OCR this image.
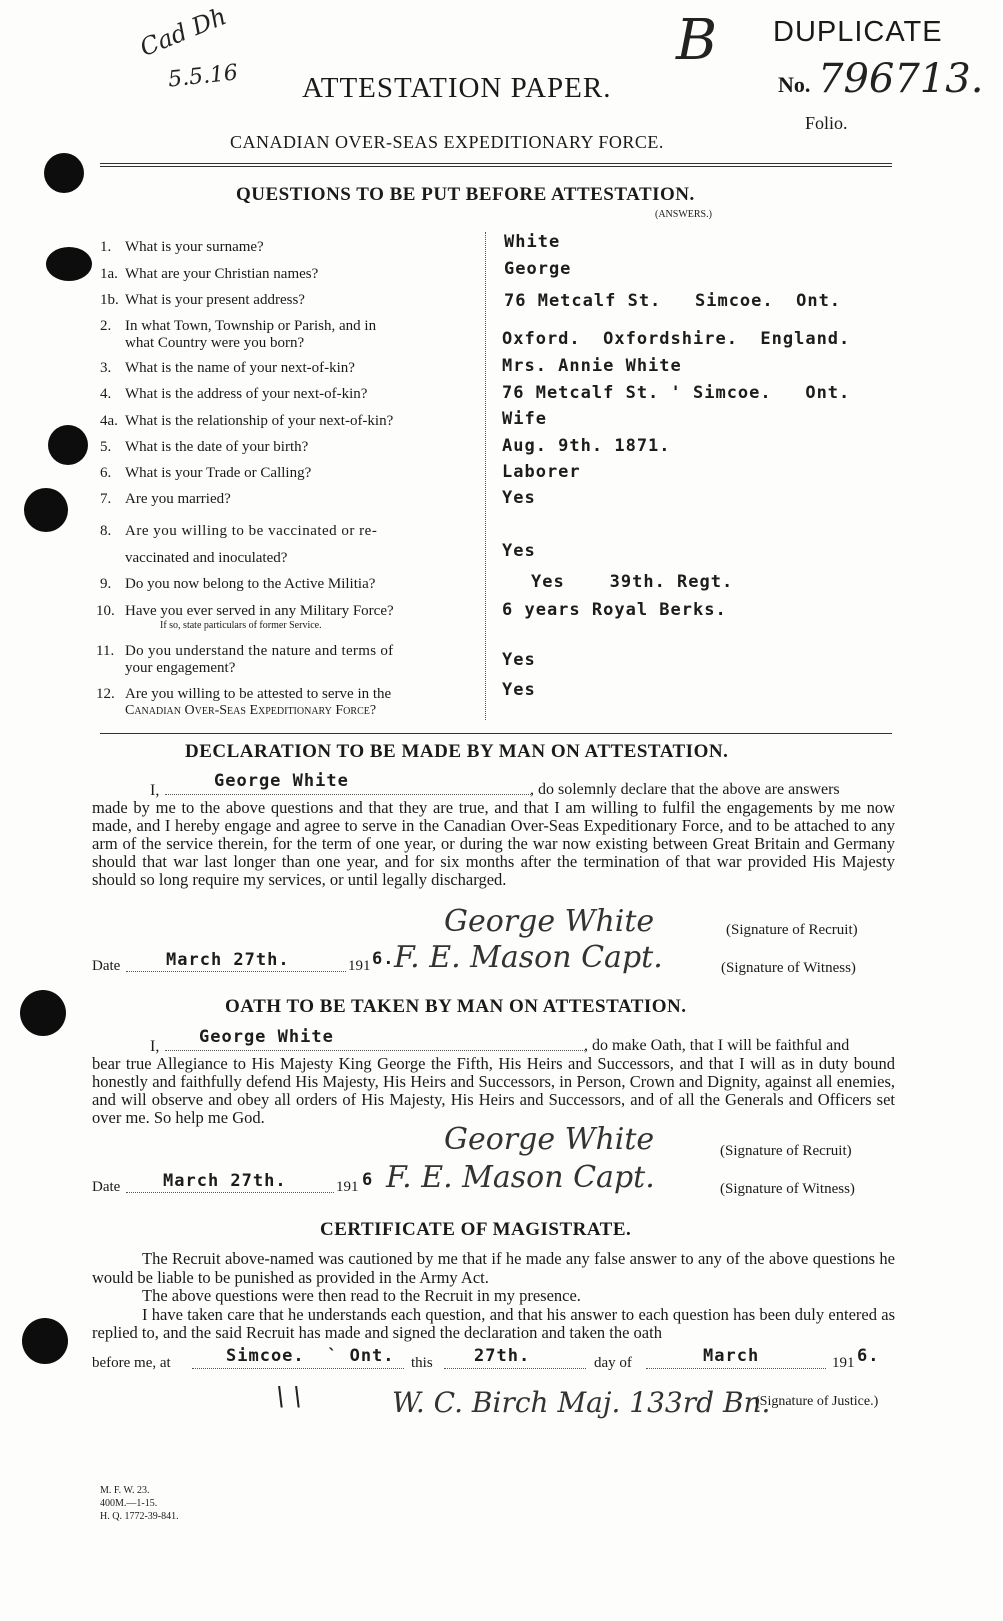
Cad Dh
5.5.16
B DUPLICATE
No. 796713.
Folio.
ATTESTATION PAPER.
CANADIAN OVER-SEAS EXPEDITIONARY FORCE.
QUESTIONS TO BE PUT BEFORE ATTESTATION.
(ANSWERS.)
1. What is your surname?	White
1a. What are your Christian names?	George
1b. What is your present address?	76 Metcalf St.   Simcoe.  Ont.
2. In what Town, Township or Parish, and in
what Country were you born?	Oxford.  Oxfordshire.  England.
3. What is the name of your next-of-kin?	Mrs. Annie White
4. What is the address of your next-of-kin?	76 Metcalf St. ' Simcoe.   Ont.
4a. What is the relationship of your next-of-kin?	Wife
5. What is the date of your birth?	Aug. 9th. 1871.
6. What is your Trade or Calling?	Laborer
7. Are you married?	Yes
8. Are you willing to be vaccinated or re-
vaccinated and inoculated?	Yes
9. Do you now belong to the Active Militia?	Yes    39th. Regt.
10. Have you ever served in any Military Force?
If so, state particulars of former Service.
6 years Royal Berks.
11. Do you understand the nature and terms of
your engagement?	Yes
12. Are you willing to be attested to serve in the
Canadian Over-Seas Expeditionary Force?
Yes
DECLARATION TO BE MADE BY MAN ON ATTESTATION.
I,	George White	, do solemnly declare that the above are answers

made by me to the above questions and that they are true, and that I am willing to fulfil the engagements by me now made, and I hereby engage and agree to serve in the Canadian Over-Seas Expeditionary Force, and to be attached to any arm of the service therein, for the term of one year, or during the war now existing between Great Britain and Germany should that war last longer than one year, and for six months after the termination of that war provided His Majesty should so long require my services, or until legally discharged.

George White	(Signature of Recruit)
Date	March 27th.	191 6. F. E. Mason Capt.	(Signature of Witness)
OATH TO BE TAKEN BY MAN ON ATTESTATION.
I, George White	, do make Oath, that I will be faithful and

bear true Allegiance to His Majesty King George the Fifth, His Heirs and Successors, and that I will as in duty bound honestly and faithfully defend His Majesty, His Heirs and Successors, in Person, Crown and Dignity, against all enemies, and will observe and obey all orders of His Majesty, His Heirs and Successors, and of all the Generals and Officers set over me. So help me God.

George White	(Signature of Recruit)
Date	March 27th.	191 6 F. E. Mason Capt.	(Signature of Witness)
CERTIFICATE OF MAGISTRATE.

The Recruit above-named was cautioned by me that if he made any false answer to any of the above questions he would be liable to be punished as provided in the Army Act.

The above questions were then read to the Recruit in my presence.

I have taken care that he understands each question, and that his answer to each question has been duly entered as replied to, and the said Recruit has made and signed the declaration and taken the oath

before me, at	Simcoe.  ` Ont. this 27th.	day of	March	191 6.
\ \	W. C. Birch Maj. 133rd Bn.
(Signature of Justice.)
M. F. W. 23.
400M.—1-15.
H. Q. 1772-39-841.
